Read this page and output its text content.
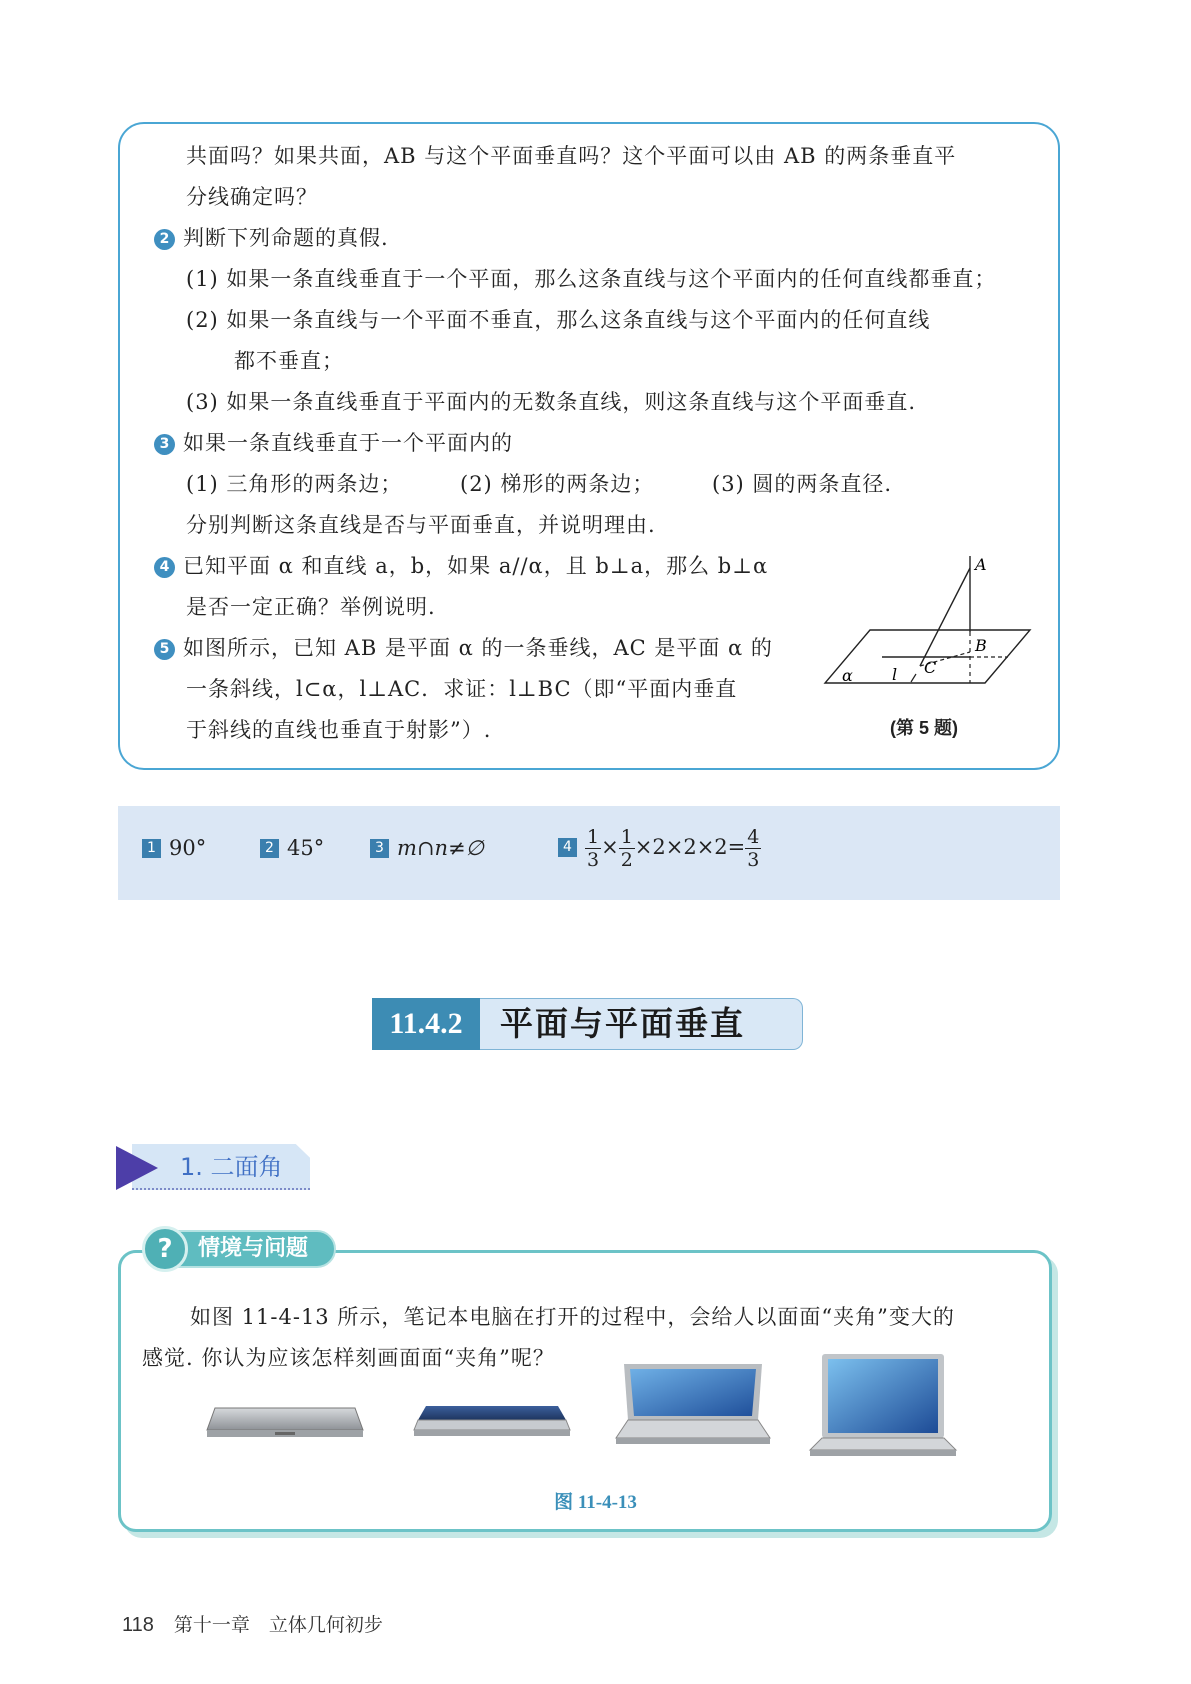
共面吗？如果共面，AB 与这个平面垂直吗？这个平面可以由 AB 的两条垂直平
分线确定吗？
2 判断下列命题的真假.
(1) 如果一条直线垂直于一个平面，那么这条直线与这个平面内的任何直线都垂直；
(2) 如果一条直线与一个平面不垂直，那么这条直线与这个平面内的任何直线
都不垂直；
(3) 如果一条直线垂直于平面内的无数条直线，则这条直线与这个平面垂直.
3 如果一条直线垂直于一个平面内的
(1) 三角形的两条边；	(2) 梯形的两条边；	(3) 圆的两条直径.
分别判断这条直线是否与平面垂直，并说明理由.
4 已知平面 α 和直线 a，b，如果 a//α，且 b⊥a，那么 b⊥α
是否一定正确？举例说明.
5 如图所示，已知 AB 是平面 α 的一条垂线，AC 是平面 α 的
一条斜线，l⊂α，l⊥AC．求证：l⊥BC（即“平面内垂直
于斜线的直线也垂直于射影”）.
A
B
C
l
α
(第 5 题)
1 90°	2 45°	3 m∩n≠∅	$4 \frac{1}{3} \times \frac{1}{2} \times 2\times 2\times 2= \frac{4}{3}$
11.4.2	平面与平面垂直
1. 二面角
?	情境与问题
如图 11-4-13 所示，笔记本电脑在打开的过程中，会给人以面面“夹角”变大的
感觉. 你认为应该怎样刻画面面“夹角”呢？
图 11-4-13
118 第十一章　立体几何初步
